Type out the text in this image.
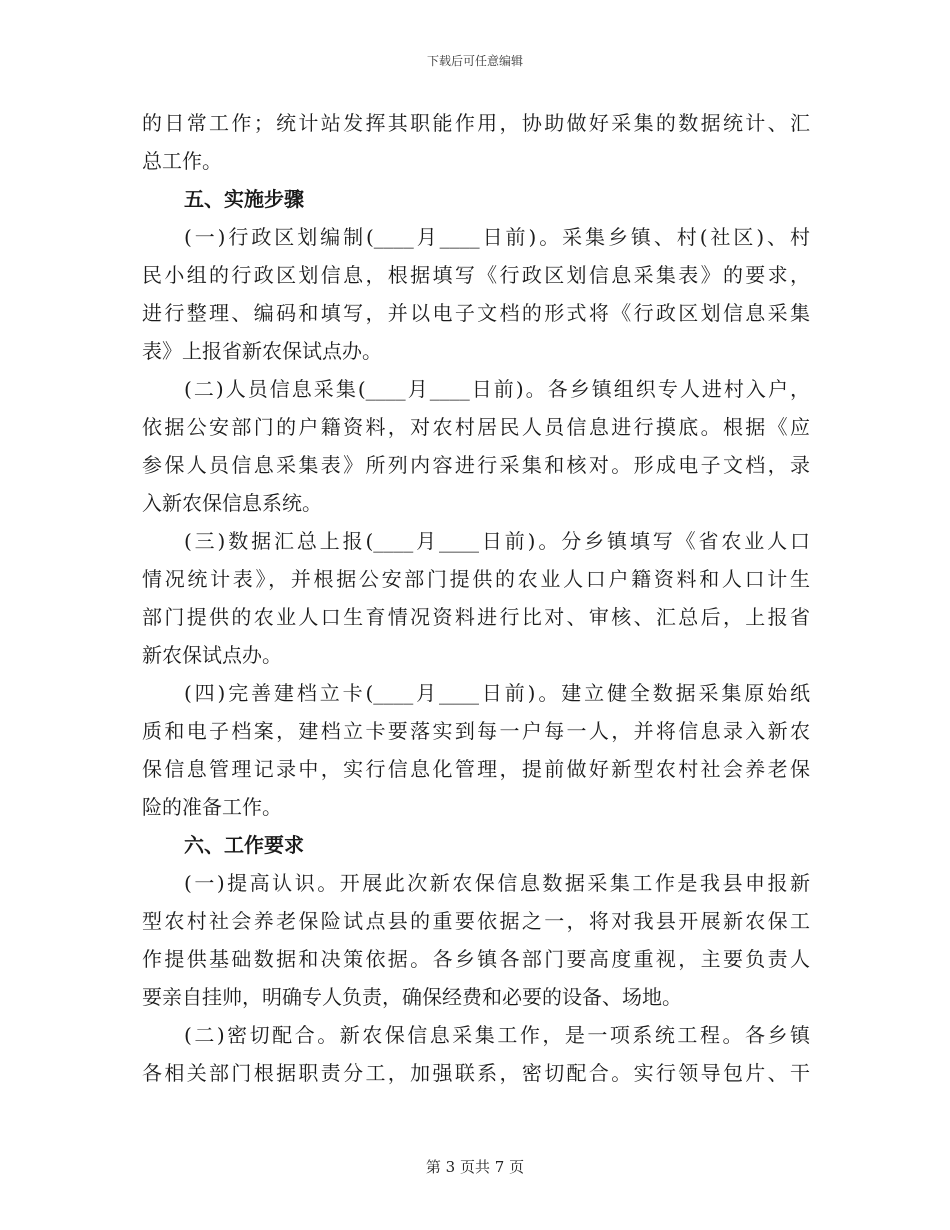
下载后可任意编辑
的日常工作；统计站发挥其职能作用，协助做好采集的数据统计、汇
总工作。
五、实施步骤
(一)行政区划编制(____月____日前)。采集乡镇、村(社区)、村
民小组的行政区划信息，根据填写《行政区划信息采集表》的要求，
进行整理、编码和填写，并以电子文档的形式将《行政区划信息采集
表》上报省新农保试点办。
(二)人员信息采集(____月____日前)。各乡镇组织专人进村入户，
依据公安部门的户籍资料，对农村居民人员信息进行摸底。根据《应
参保人员信息采集表》所列内容进行采集和核对。形成电子文档，录
入新农保信息系统。
(三)数据汇总上报(____月____日前)。分乡镇填写《省农业人口
情况统计表》，并根据公安部门提供的农业人口户籍资料和人口计生
部门提供的农业人口生育情况资料进行比对、审核、汇总后，上报省
新农保试点办。
(四)完善建档立卡(____月____日前)。建立健全数据采集原始纸
质和电子档案，建档立卡要落实到每一户每一人，并将信息录入新农
保信息管理记录中，实行信息化管理，提前做好新型农村社会养老保
险的准备工作。
六、工作要求
(一)提高认识。开展此次新农保信息数据采集工作是我县申报新
型农村社会养老保险试点县的重要依据之一，将对我县开展新农保工
作提供基础数据和决策依据。各乡镇各部门要高度重视，主要负责人
要亲自挂帅，明确专人负责，确保经费和必要的设备、场地。
(二)密切配合。新农保信息采集工作，是一项系统工程。各乡镇
各相关部门根据职责分工，加强联系，密切配合。实行领导包片、干
第 3 页共 7 页
